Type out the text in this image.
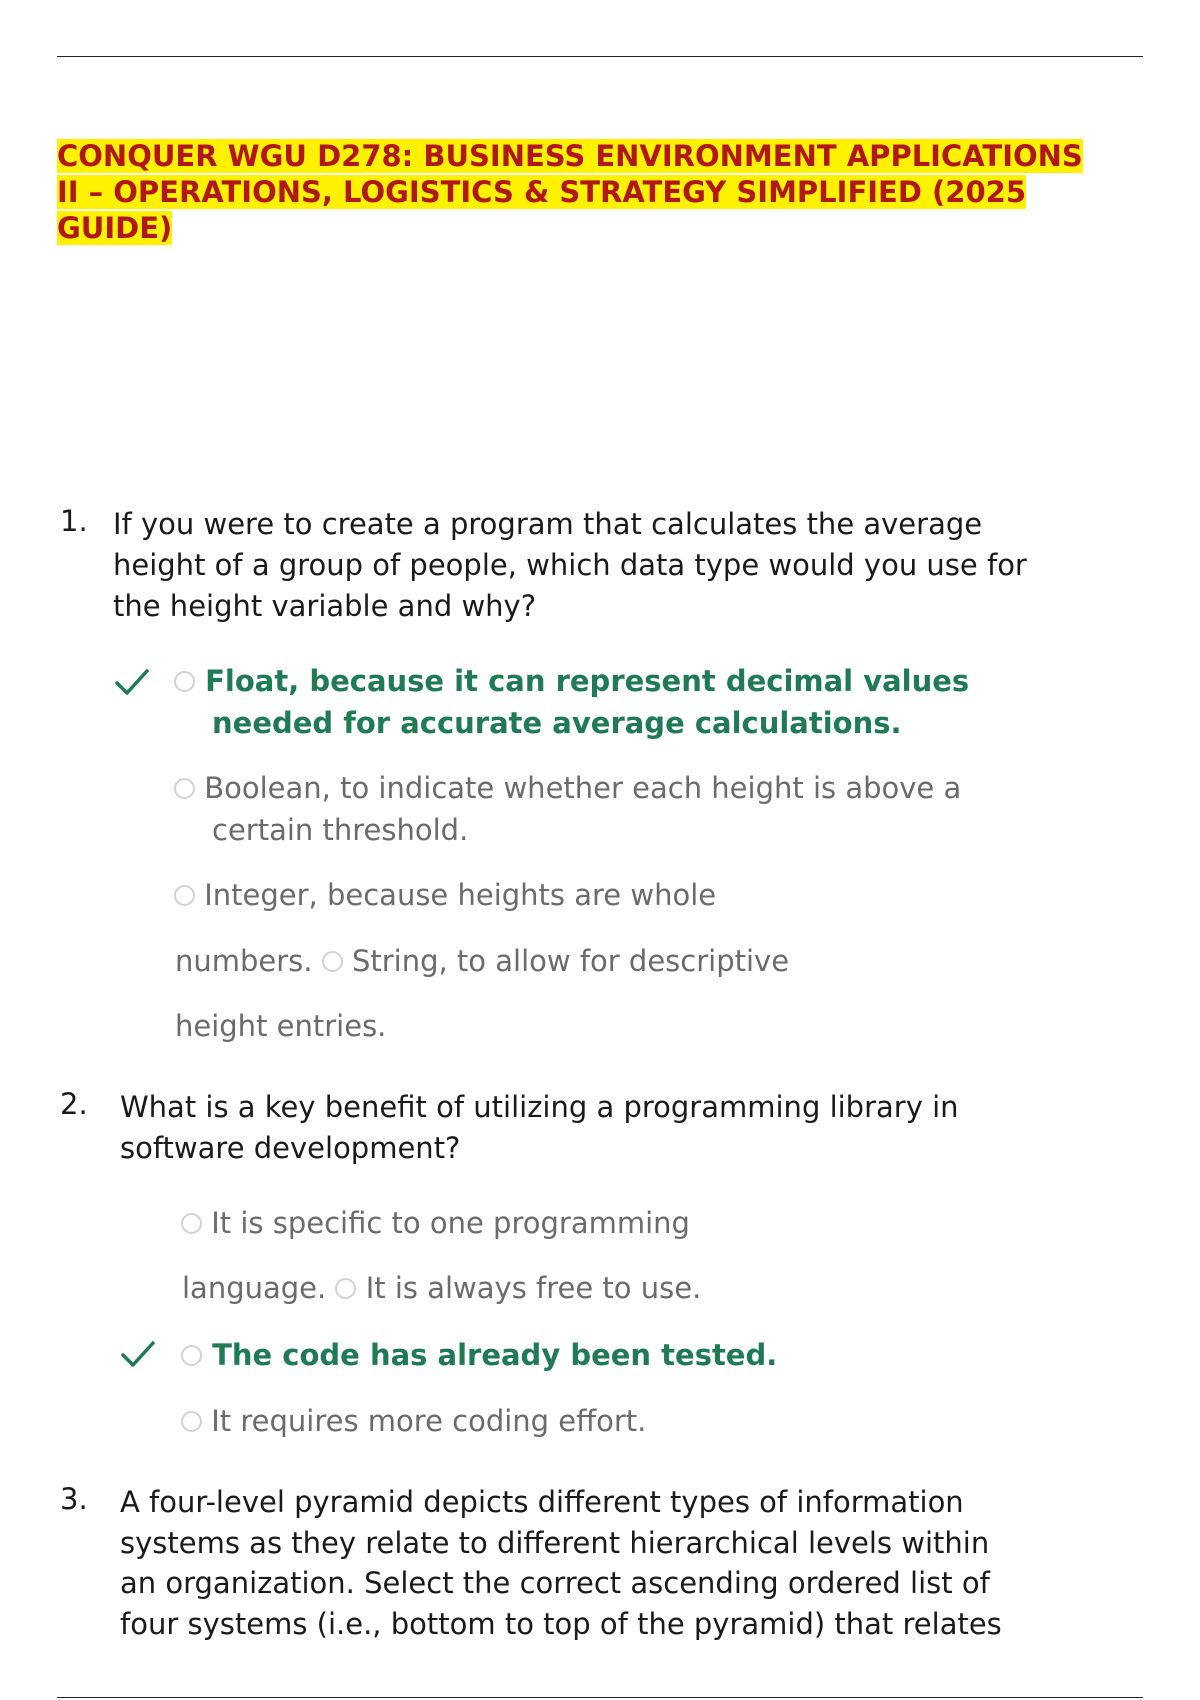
CONQUER WGU D278: BUSINESS ENVIRONMENT APPLICATIONS
II – OPERATIONS, LOGISTICS & STRATEGY SIMPLIFIED (2025
GUIDE)
1. If you were to create a program that calculates the average
height of a group of people, which data type would you use for
the height variable and why?
Float, because it can represent decimal values
needed for accurate average calculations.
Boolean, to indicate whether each height is above a
certain threshold.
Integer, because heights are whole
numbers. String, to allow for descriptive
height entries.
2. What is a key benefit of utilizing a programming library in
software development?
It is specific to one programming
language. It is always free to use.
The code has already been tested.
It requires more coding effort.
3. A four-level pyramid depicts different types of information
systems as they relate to different hierarchical levels within
an organization. Select the correct ascending ordered list of
four systems (i.e., bottom to top of the pyramid) that relates
